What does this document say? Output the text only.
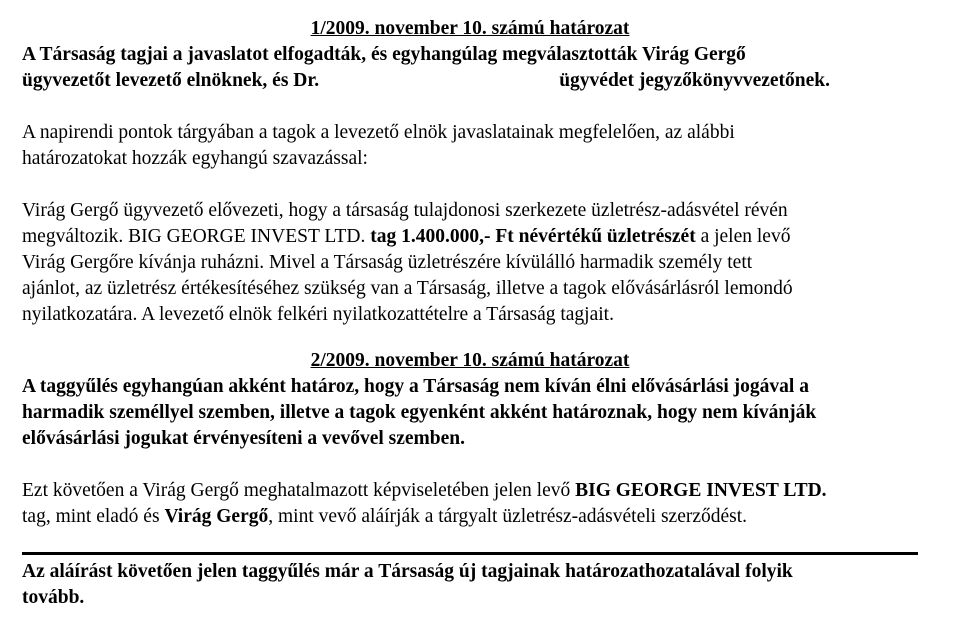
1/2009. november 10. számú határozat
A Társaság tagjai a javaslatot elfogadták, és egyhangúlag megválasztották Virág Gergő
ügyvezetőt levezető elnöknek, és Dr.	ügyvédet jegyzőkönyvvezetőnek.
A napirendi pontok tárgyában a tagok a levezető elnök javaslatainak megfelelően, az alábbi
határozatokat hozzák egyhangú szavazással:
Virág Gergő ügyvezető elővezeti, hogy a társaság tulajdonosi szerkezete üzletrész-adásvétel révén
megváltozik. BIG GEORGE INVEST LTD. tag 1.400.000,- Ft névértékű üzletrészét a jelen levő
Virág Gergőre kívánja ruházni. Mivel a Társaság üzletrészére kívülálló harmadik személy tett
ajánlot, az üzletrész értékesítéséhez szükség van a Társaság, illetve a tagok elővásárlásról lemondó
nyilatkozatára. A levezető elnök felkéri nyilatkozattételre a Társaság tagjait.
2/2009. november 10. számú határozat
A taggyűlés egyhangúan akként határoz, hogy a Társaság nem kíván élni elővásárlási jogával a
harmadik személlyel szemben, illetve a tagok egyenként akként határoznak, hogy nem kívánják
elővásárlási jogukat érvényesíteni a vevővel szemben.
Ezt követően a Virág Gergő meghatalmazott képviseletében jelen levő BIG GEORGE INVEST LTD.
tag, mint eladó és Virág Gergő, mint vevő aláírják a tárgyalt üzletrész-adásvételi szerződést.
Az aláírást követően jelen taggyűlés már a Társaság új tagjainak határozathozatalával folyik
tovább.
